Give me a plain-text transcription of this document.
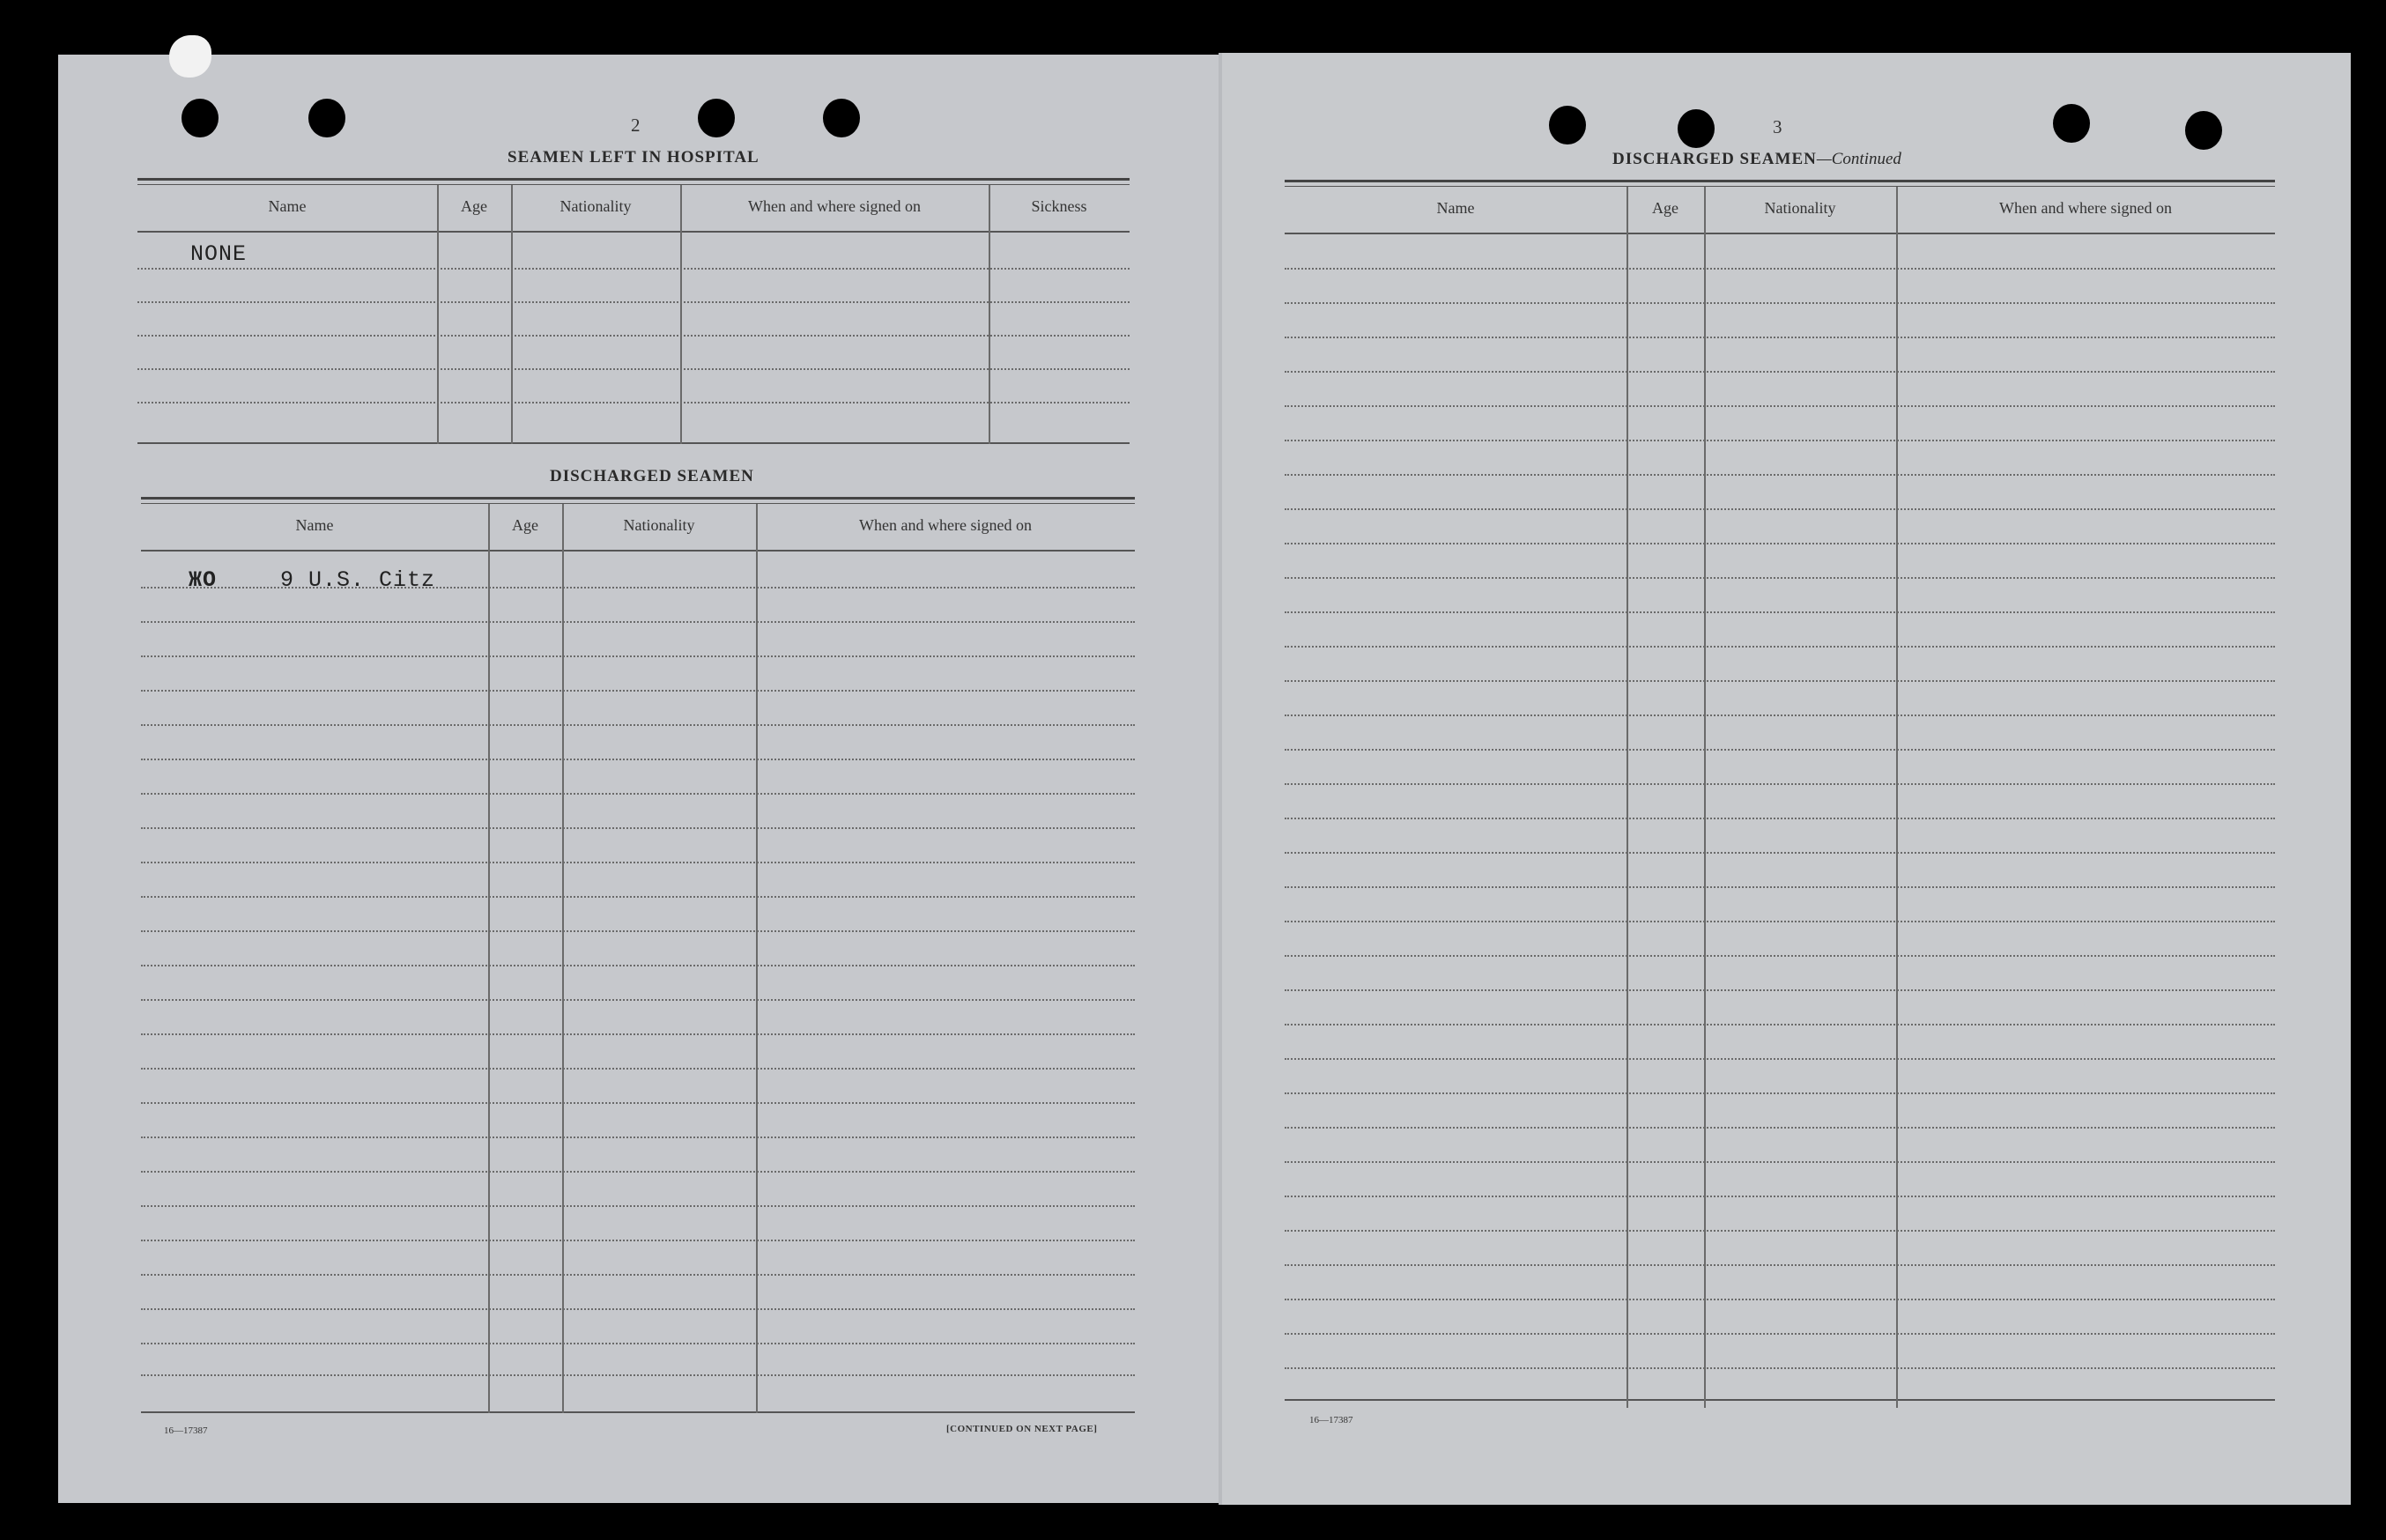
2
SEAMEN LEFT IN HOSPITAL
Name	Age	Nationality	When and where signed on	Sickness
NONE
DISCHARGED SEAMEN
Name	Age	Nationality	When and where signed on
ЖО	9 U.S. Citz
16—17387	[CONTINUED ON NEXT PAGE]
3
DISCHARGED SEAMEN—Continued
Name	Age	Nationality	When and where signed on
16—17387
